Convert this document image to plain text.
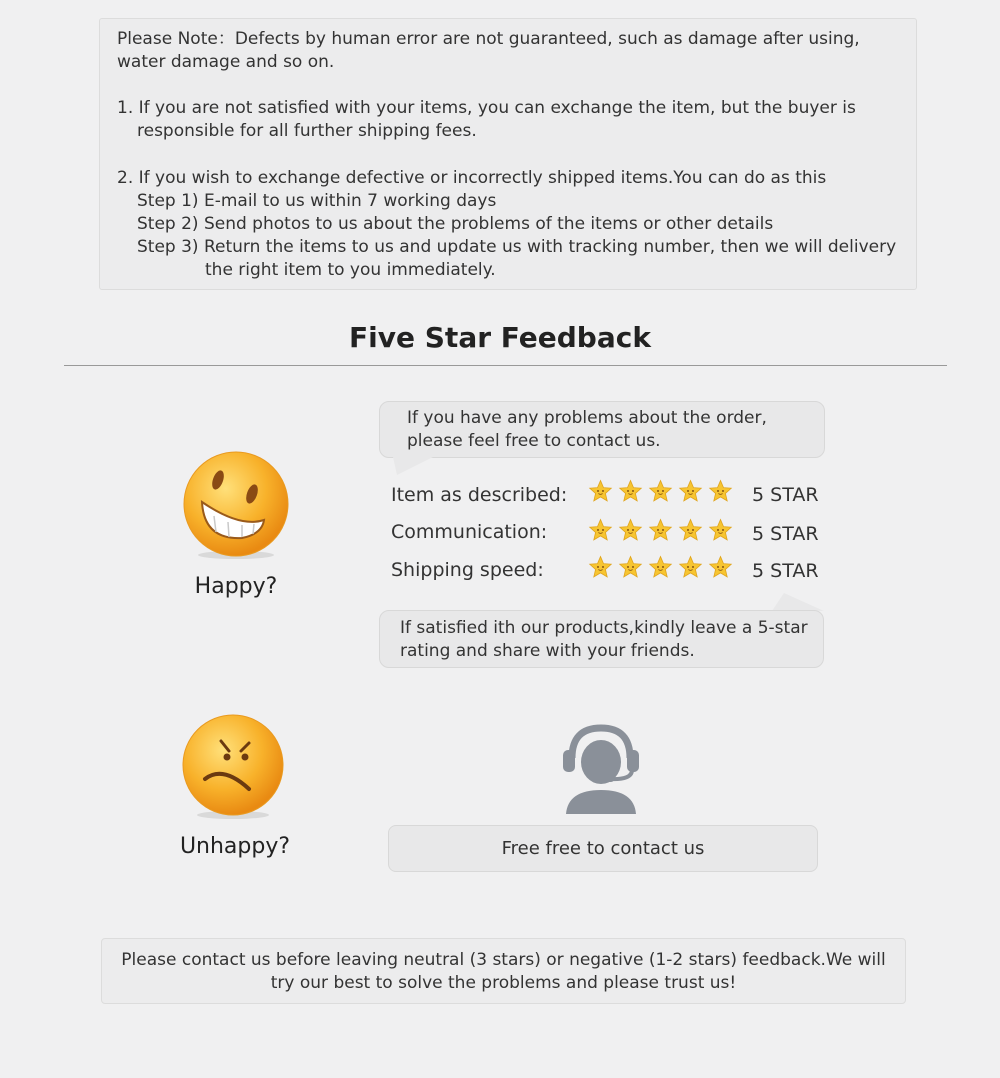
Please Note：Defects by human error are not guaranteed, such as damage after using,
water damage and so on.
1. If you are not satisfied with your items, you can exchange the item, but the buyer is
responsible for all further shipping fees.
2. If you wish to exchange defective or incorrectly shipped items.You can do as this
Step 1) E-mail to us within 7 working days
Step 2) Send photos to us about the problems of the items or other details
Step 3) Return the items to us and update us with tracking number, then we will delivery
the right item to you immediately.
Five Star Feedback
Happy?
If you have any problems about the order,
please feel free to contact us.
Item as described:	5 STAR
Communication:	5 STAR
Shipping speed:	5 STAR
If satisfied ith our products,kindly leave a 5-star
rating and share with your friends.
Unhappy?	Free free to contact us
Please contact us before leaving neutral (3 stars) or negative (1-2 stars) feedback.We will
try our best to solve the problems and please trust us!
